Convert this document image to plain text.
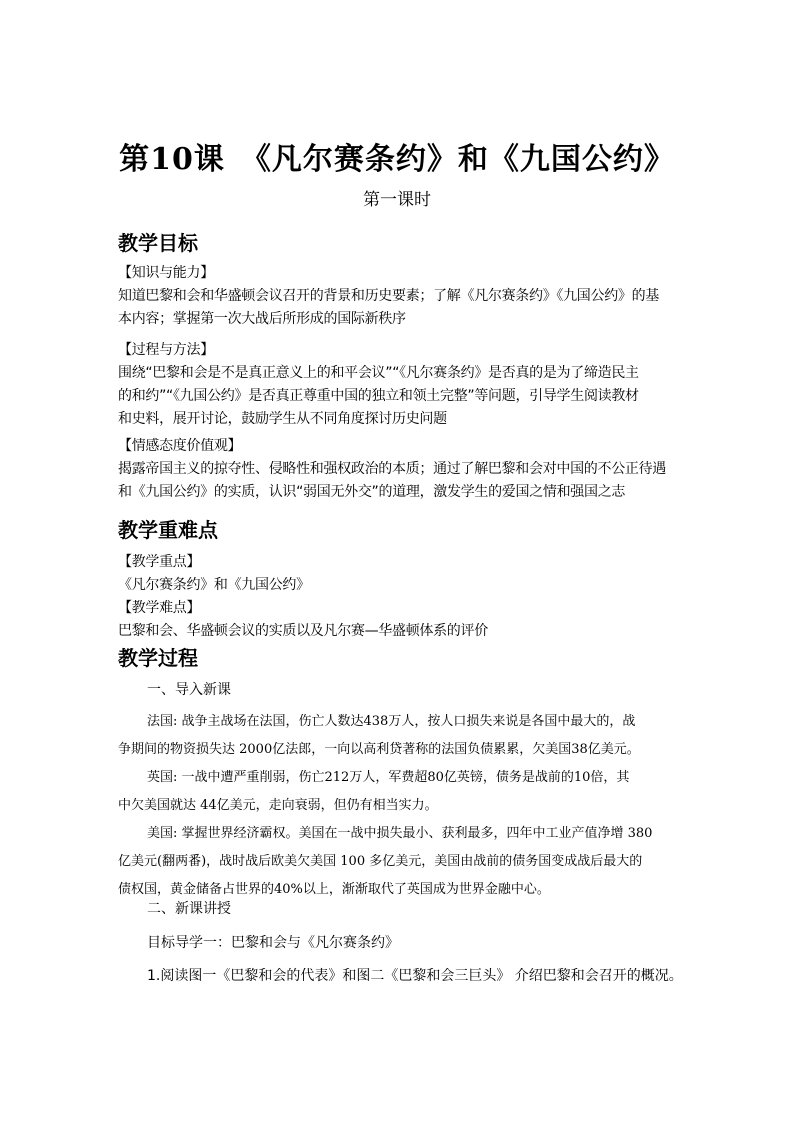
第10课　《凡尔赛条约》和《九国公约》
第一课时
教学目标

【知识与能力】

知道巴黎和会和华盛顿会议召开的背景和历史要素；了解《凡尔赛条约》《九国公约》的基

本内容；掌握第一次大战后所形成的国际新秩序

【过程与方法】

围绕“巴黎和会是不是真正意义上的和平会议”“《凡尔赛条约》是否真的是为了缔造民主

的和约”“《九国公约》是否真正尊重中国的独立和领土完整”等问题，引导学生阅读教材

和史料，展开讨论，鼓励学生从不同角度探讨历史问题

【情感态度价值观】

揭露帝国主义的掠夺性、侵略性和强权政治的本质；通过了解巴黎和会对中国的不公正待遇

和《九国公约》的实质，认识“弱国无外交”的道理，激发学生的爱国之情和强国之志

教学重难点

【教学重点】

《凡尔赛条约》和《九国公约》

【教学难点】

巴黎和会、华盛顿会议的实质以及凡尔赛—华盛顿体系的评价

教学过程
一、导入新课

法国: 战争主战场在法国，伤亡人数达438万人，按人口损失来说是各国中最大的，战

争期间的物资损失达 2000亿法郎，一向以高利贷著称的法国负债累累，欠美国38亿美元。

英国: 一战中遭严重削弱，伤亡212万人，军费超80亿英镑，债务是战前的10倍，其

中欠美国就达 44亿美元，走向衰弱，但仍有相当实力。

美国: 掌握世界经济霸权。美国在一战中损失最小、获利最多，四年中工业产值净增 380

亿美元(翻两番)，战时战后欧美欠美国 100 多亿美元，美国由战前的债务国变成战后最大的

债权国，黄金储备占世界的40%以上，渐渐取代了英国成为世界金融中心。

二、新课讲授
目标导学一：巴黎和会与《凡尔赛条约》
1.阅读图一《巴黎和会的代表》和图二《巴黎和会三巨头》 介绍巴黎和会召开的概况。
